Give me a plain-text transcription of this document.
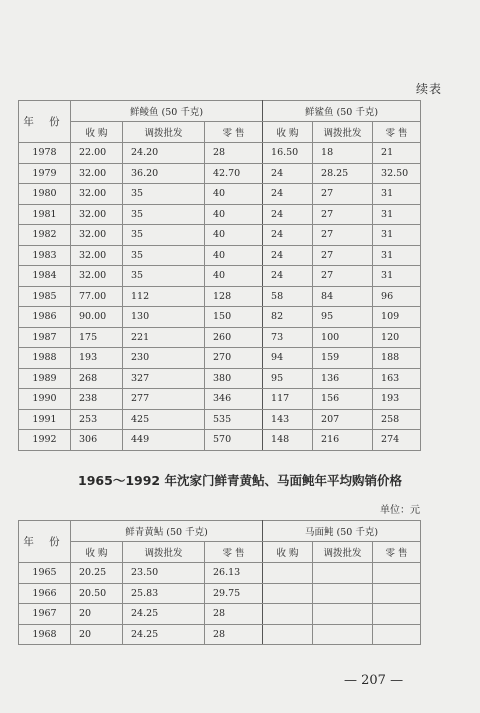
续表
年 份	鲜鲮鱼 (50 千克)			鲜鲨鱼 (50 千克)		
	收 购	调拨批发	零 售	收 购	调拨批发	零 售
1978	22.00	24.20	28	16.50	18	21
1979	32.00	36.20	42.70	24	28.25	32.50
1980	32.00	35	40	24	27	31
1981	32.00	35	40	24	27	31
1982	32.00	35	40	24	27	31
1983	32.00	35	40	24	27	31
1984	32.00	35	40	24	27	31
1985	77.00	112	128	58	84	96
1986	90.00	130	150	82	95	109
1987	175	221	260	73	100	120
1988	193	230	270	94	159	188
1989	268	327	380	95	136	163
1990	238	277	346	117	156	193
1991	253	425	535	143	207	258
1992	306	449	570	148	216	274
1965～1992 年沈家门鲜青黄鲇、马面鲀年平均购销价格
单位：元
年 份	鲜青黄鲇 (50 千克)			马面鲀 (50 千克)		
	收 购	调拨批发	零 售	收 购	调拨批发	零 售
1965	20.25	23.50	26.13			
1966	20.50	25.83	29.75			
1967	20	24.25	28			
1968	20	24.25	28			
— 207 —
